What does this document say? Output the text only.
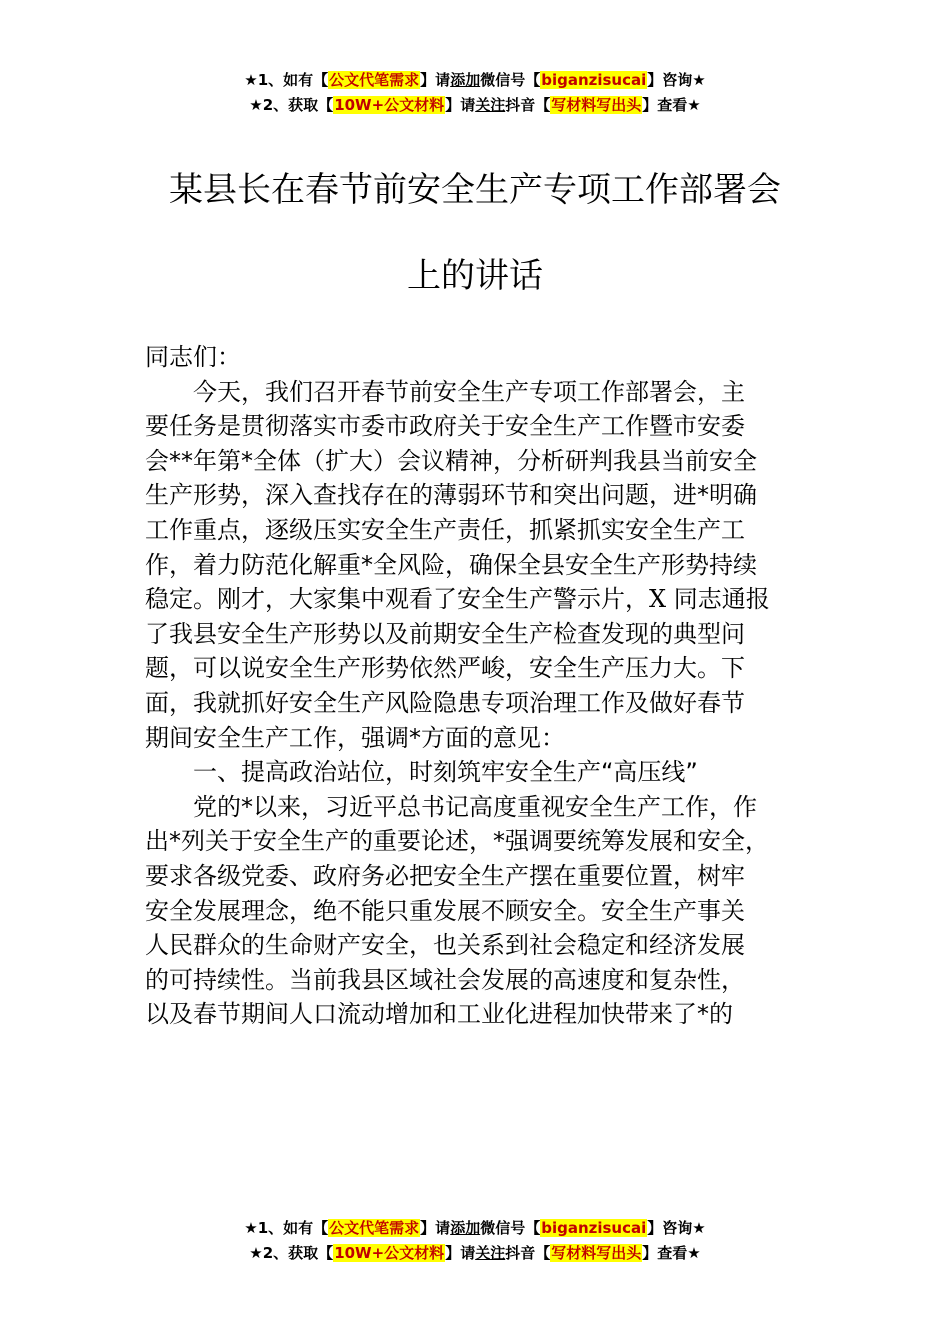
★1、如有【公文代笔需求】请添加微信号【biganzisucai】咨询★
★2、获取【10W+公文材料】请关注抖音【写材料写出头】查看★
某县长在春节前安全生产专项工作部署会
上的讲话
同志们：
今天，我们召开春节前安全生产专项工作部署会，主
要任务是贯彻落实市委市政府关于安全生产工作暨市安委
会**年第*全体（扩大）会议精神，分析研判我县当前安全
生产形势，深入查找存在的薄弱环节和突出问题，进*明确
工作重点，逐级压实安全生产责任，抓紧抓实安全生产工
作，着力防范化解重*全风险，确保全县安全生产形势持续
稳定。刚才，大家集中观看了安全生产警示片，X 同志通报
了我县安全生产形势以及前期安全生产检查发现的典型问
题，可以说安全生产形势依然严峻，安全生产压力大。下
面，我就抓好安全生产风险隐患专项治理工作及做好春节
期间安全生产工作，强调*方面的意见：
一、提高政治站位，时刻筑牢安全生产“高压线”
党的*以来，习近平总书记高度重视安全生产工作，作
出*列关于安全生产的重要论述，*强调要统筹发展和安全，
要求各级党委、政府务必把安全生产摆在重要位置，树牢
安全发展理念，绝不能只重发展不顾安全。安全生产事关
人民群众的生命财产安全，也关系到社会稳定和经济发展
的可持续性。当前我县区域社会发展的高速度和复杂性，
以及春节期间人口流动增加和工业化进程加快带来了*的
★1、如有【公文代笔需求】请添加微信号【biganzisucai】咨询★
★2、获取【10W+公文材料】请关注抖音【写材料写出头】查看★
